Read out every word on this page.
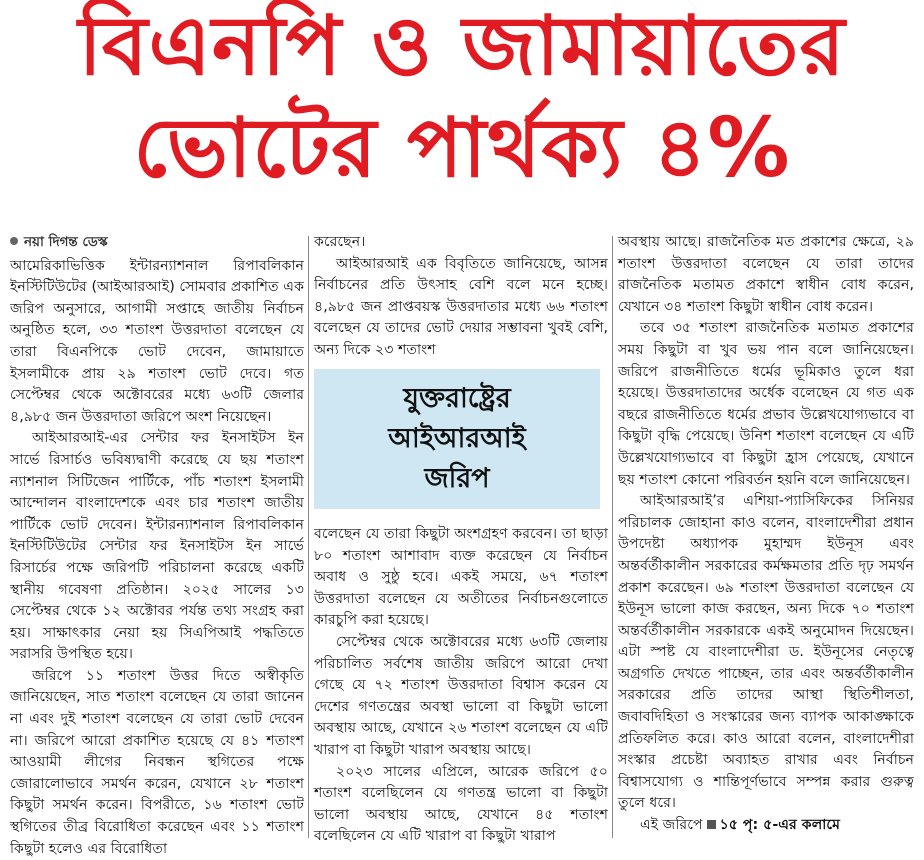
বিএনপি ও জামায়াতের
ভোটের পার্থক্য ৪%
নয়া দিগন্ত ডেস্ক

আমেরিকাভিত্তিক ইন্টারন্যাশনাল রিপাবলিকান ইনস্টিটিউটের (আইআরআই) সোমবার প্রকাশিত এক জরিপ অনুসারে, আগামী সপ্তাহে জাতীয় নির্বাচন অনুষ্ঠিত হলে, ৩৩ শতাংশ উত্তরদাতা বলেছেন যে তারা বিএনপিকে ভোট দেবেন, জামায়াতে ইসলামীকে প্রায় ২৯ শতাংশ ভোট দেবে। গত সেপ্টেম্বর থেকে অক্টোবরের মধ্যে ৬৩টি জেলার ৪,৯৮৫ জন উত্তরদাতা জরিপে অংশ নিয়েছেন।

আইআরআই-এর সেন্টার ফর ইনসাইটস ইন সার্ভে রিসার্চও ভবিষ্যদ্বাণী করেছে যে ছয় শতাংশ ন্যাশনাল সিটিজেন পার্টিকে, পাঁচ শতাংশ ইসলামী আন্দোলন বাংলাদেশকে এবং চার শতাংশ জাতীয় পার্টিকে ভোট দেবেন। ইন্টারন্যাশনাল রিপাবলিকান ইনস্টিটিউটের সেন্টার ফর ইনসাইটস ইন সার্ভে রিসার্চের পক্ষে জরিপটি পরিচালনা করেছে একটি স্থানীয় গবেষণা প্রতিষ্ঠান। ২০২৫ সালের ১৩ সেপ্টেম্বর থেকে ১২ অক্টোবর পর্যন্ত তথ্য সংগ্রহ করা হয়। সাক্ষাৎকার নেয়া হয় সিএপিআই পদ্ধতিতে সরাসরি উপস্থিত হয়ে।

জরিপে ১১ শতাংশ উত্তর দিতে অস্বীকৃতি জানিয়েছেন, সাত শতাংশ বলেছেন যে তারা জানেন না এবং দুই শতাংশ বলেছেন যে তারা ভোট দেবেন না। জরিপে আরো প্রকাশিত হয়েছে যে ৪১ শতাংশ আওয়ামী লীগের নিবন্ধন স্থগিতের পক্ষে জোরালোভাবে সমর্থন করেন, যেখানে ২৮ শতাংশ কিছুটা সমর্থন করেন। বিপরীতে, ১৬ শতাংশ ভোট স্থগিতের তীব্র বিরোধিতা করেছেন এবং ১১ শতাংশ কিছুটা হলেও এর বিরোধিতা

করেছেন।

আইআরআই এক বিবৃতিতে জানিয়েছে, আসন্ন নির্বাচনের প্রতি উৎসাহ বেশি বলে মনে হচ্ছে। ৪,৯৮৫ জন প্রাপ্তবয়স্ক উত্তরদাতার মধ্যে ৬৬ শতাংশ বলেছেন যে তাদের ভোট দেয়ার সম্ভাবনা খুবই বেশি, অন্য দিকে ২৩ শতাংশ

যুক্তরাষ্ট্রের
আইআরআই
জরিপ

বলেছেন যে তারা কিছুটা অংশগ্রহণ করবেন। তা ছাড়া ৮০ শতাংশ আশাবাদ ব্যক্ত করেছেন যে নির্বাচন অবাধ ও সুষ্ঠু হবে। একই সময়ে, ৬৭ শতাংশ উত্তরদাতা বলেছেন যে অতীতের নির্বাচনগুলোতে কারচুপি করা হয়েছে।

সেপ্টেম্বর থেকে অক্টোবরের মধ্যে ৬৩টি জেলায় পরিচালিত সর্বশেষ জাতীয় জরিপে আরো দেখা গেছে যে ৭২ শতাংশ উত্তরদাতা বিশ্বাস করেন যে দেশের গণতন্ত্রের অবস্থা ভালো বা কিছুটা ভালো অবস্থায় আছে, যেখানে ২৬ শতাংশ বলেছেন যে এটি খারাপ বা কিছুটা খারাপ অবস্থায় আছে।

২০২৩ সালের এপ্রিলে, আরেক জরিপে ৫০ শতাংশ বলেছিলেন যে গণতন্ত্র ভালো বা কিছুটা ভালো অবস্থায় আছে, যেখানে ৪৫ শতাংশ বলেছিলেন যে এটি খারাপ বা কিছুটা খারাপ

অবস্থায় আছে। রাজনৈতিক মত প্রকাশের ক্ষেত্রে, ২৯ শতাংশ উত্তরদাতা বলেছেন যে তারা তাদের রাজনৈতিক মতামত প্রকাশে স্বাধীন বোধ করেন, যেখানে ৩৪ শতাংশ কিছুটা স্বাধীন বোধ করেন।

তবে ৩৫ শতাংশ রাজনৈতিক মতামত প্রকাশের সময় কিছুটা বা খুব ভয় পান বলে জানিয়েছেন। জরিপে রাজনীতিতে ধর্মের ভূমিকাও তুলে ধরা হয়েছে। উত্তরদাতাদের অর্ধেক বলেছেন যে গত এক বছরে রাজনীতিতে ধর্মের প্রভাব উল্লেখযোগ্যভাবে বা কিছুটা বৃদ্ধি পেয়েছে। উনিশ শতাংশ বলেছেন যে এটি উল্লেখযোগ্যভাবে বা কিছুটা হ্রাস পেয়েছে, যেখানে ছয় শতাংশ কোনো পরিবর্তন হয়নি বলে জানিয়েছেন।

আইআরআই’র এশিয়া-প্যাসিফিকের সিনিয়র পরিচালক জোহানা কাও বলেন, বাংলাদেশীরা প্রধান উপদেষ্টা অধ্যাপক মুহাম্মদ ইউনূস এবং অন্তর্বর্তীকালীন সরকারের কর্মক্ষমতার প্রতি দৃঢ় সমর্থন প্রকাশ করেছেন। ৬৯ শতাংশ উত্তরদাতা বলেছেন যে ইউনূস ভালো কাজ করছেন, অন্য দিকে ৭০ শতাংশ অন্তর্বর্তীকালীন সরকারকে একই অনুমোদন দিয়েছেন। এটা স্পষ্ট যে বাংলাদেশীরা ড. ইউনূসের নেতৃত্বে অগ্রগতি দেখতে পাচ্ছেন, তার এবং অন্তর্বর্তীকালীন সরকারের প্রতি তাদের আস্থা স্থিতিশীলতা, জবাবদিহিতা ও সংস্কারের জন্য ব্যাপক আকাঙ্ক্ষাকে প্রতিফলিত করে। কাও আরো বলেন, বাংলাদেশীরা সংস্কার প্রচেষ্টা অব্যাহত রাখার এবং নির্বাচন বিশ্বাসযোগ্য ও শান্তিপূর্ণভাবে সম্পন্ন করার গুরুত্ব তুলে ধরে।

এই জরিপে ১৫ পৃ: ৫-এর কলামে
